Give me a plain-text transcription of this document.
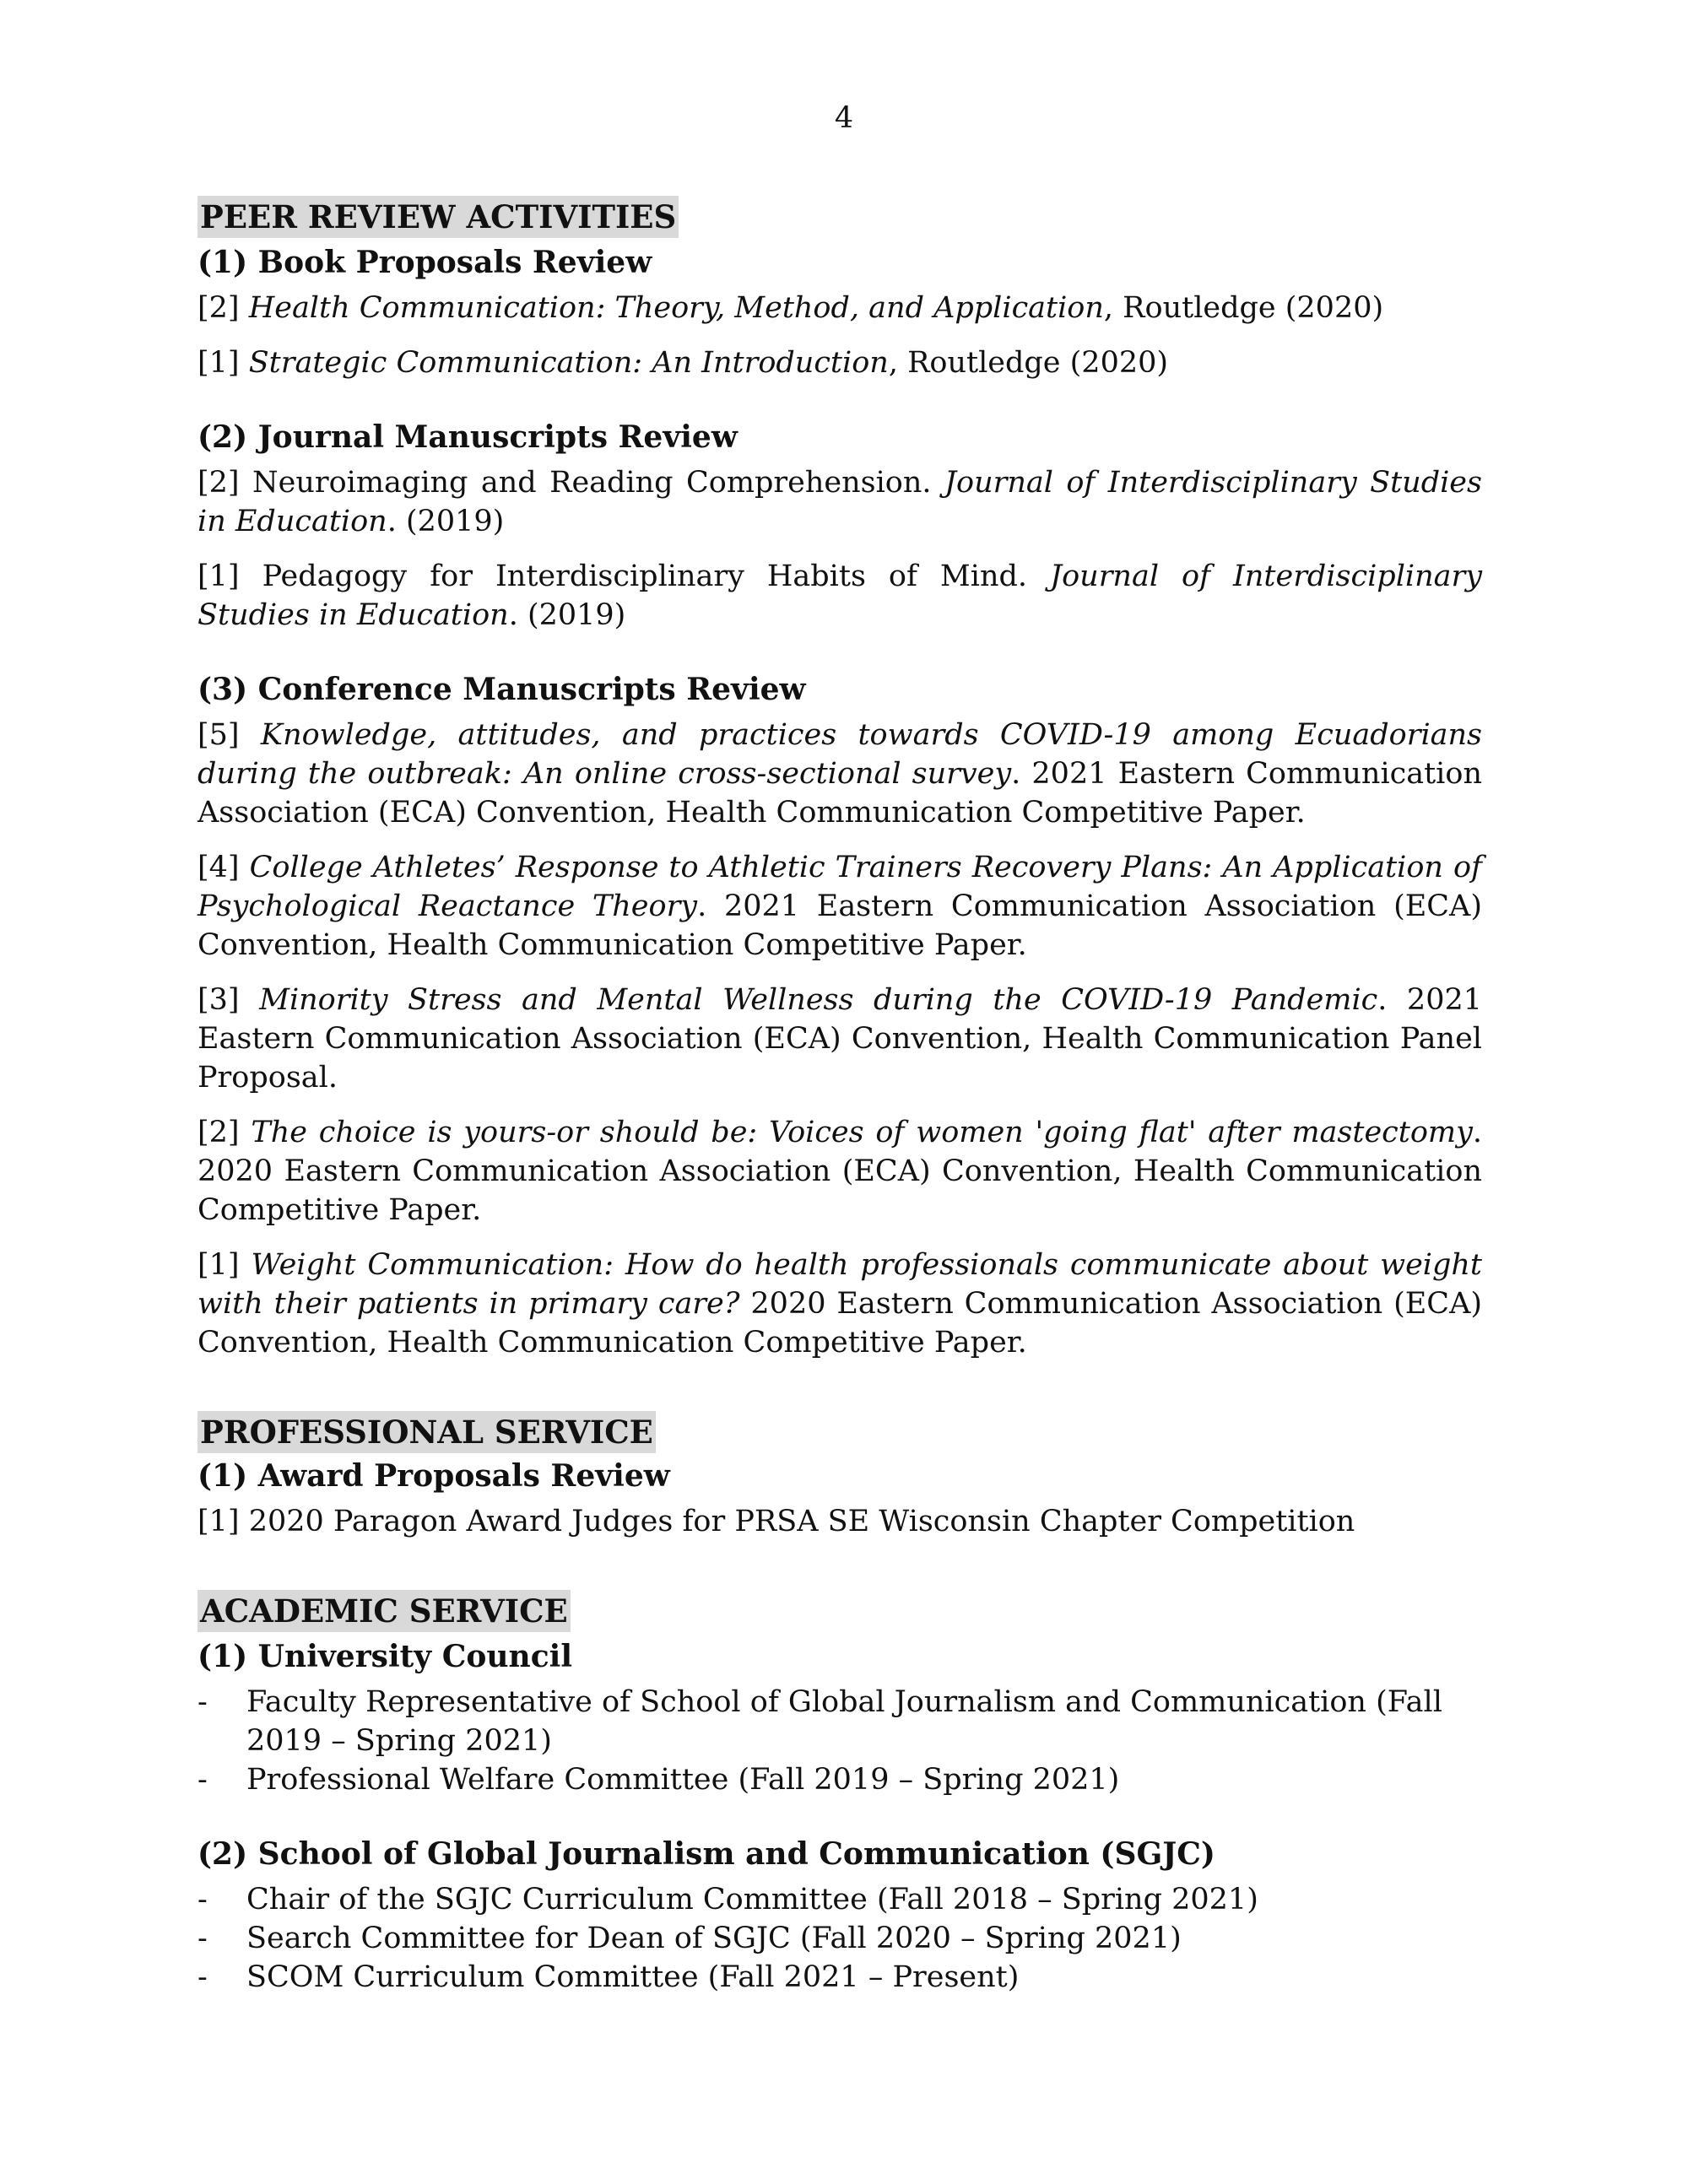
4
PEER REVIEW ACTIVITIES
(1) Book Proposals Review

[2] Health Communication: Theory, Method, and Application, Routledge (2020)

[1] Strategic Communication: An Introduction, Routledge (2020)

(2) Journal Manuscripts Review

[2] Neuroimaging and Reading Comprehension. Journal of Interdisciplinary Studies in Education. (2019)

[1] Pedagogy for Interdisciplinary Habits of Mind. Journal of Interdisciplinary Studies in Education. (2019)

(3) Conference Manuscripts Review

[5] Knowledge, attitudes, and practices towards COVID-19 among Ecuadorians during the outbreak: An online cross-sectional survey. 2021 Eastern Communication Association (ECA) Convention, Health Communication Competitive Paper.

[4] College Athletes’ Response to Athletic Trainers Recovery Plans: An Application of Psychological Reactance Theory. 2021 Eastern Communication Association (ECA) Convention, Health Communication Competitive Paper.

[3] Minority Stress and Mental Wellness during the COVID-19 Pandemic. 2021 Eastern Communication Association (ECA) Convention, Health Communication Panel Proposal.

[2] The choice is yours-or should be: Voices of women 'going flat' after mastectomy. 2020 Eastern Communication Association (ECA) Convention, Health Communication Competitive Paper.

[1] Weight Communication: How do health professionals communicate about weight with their patients in primary care? 2020 Eastern Communication Association (ECA) Convention, Health Communication Competitive Paper.

PROFESSIONAL SERVICE
(1) Award Proposals Review

[1] 2020 Paragon Award Judges for PRSA SE Wisconsin Chapter Competition

ACADEMIC SERVICE
(1) University Council
- Faculty Representative of School of Global Journalism and Communication (Fall 2019 – Spring 2021)
- Professional Welfare Committee (Fall 2019 – Spring 2021)
(2) School of Global Journalism and Communication (SGJC)
- Chair of the SGJC Curriculum Committee (Fall 2018 – Spring 2021)
- Search Committee for Dean of SGJC (Fall 2020 – Spring 2021)
- SCOM Curriculum Committee (Fall 2021 – Present)
